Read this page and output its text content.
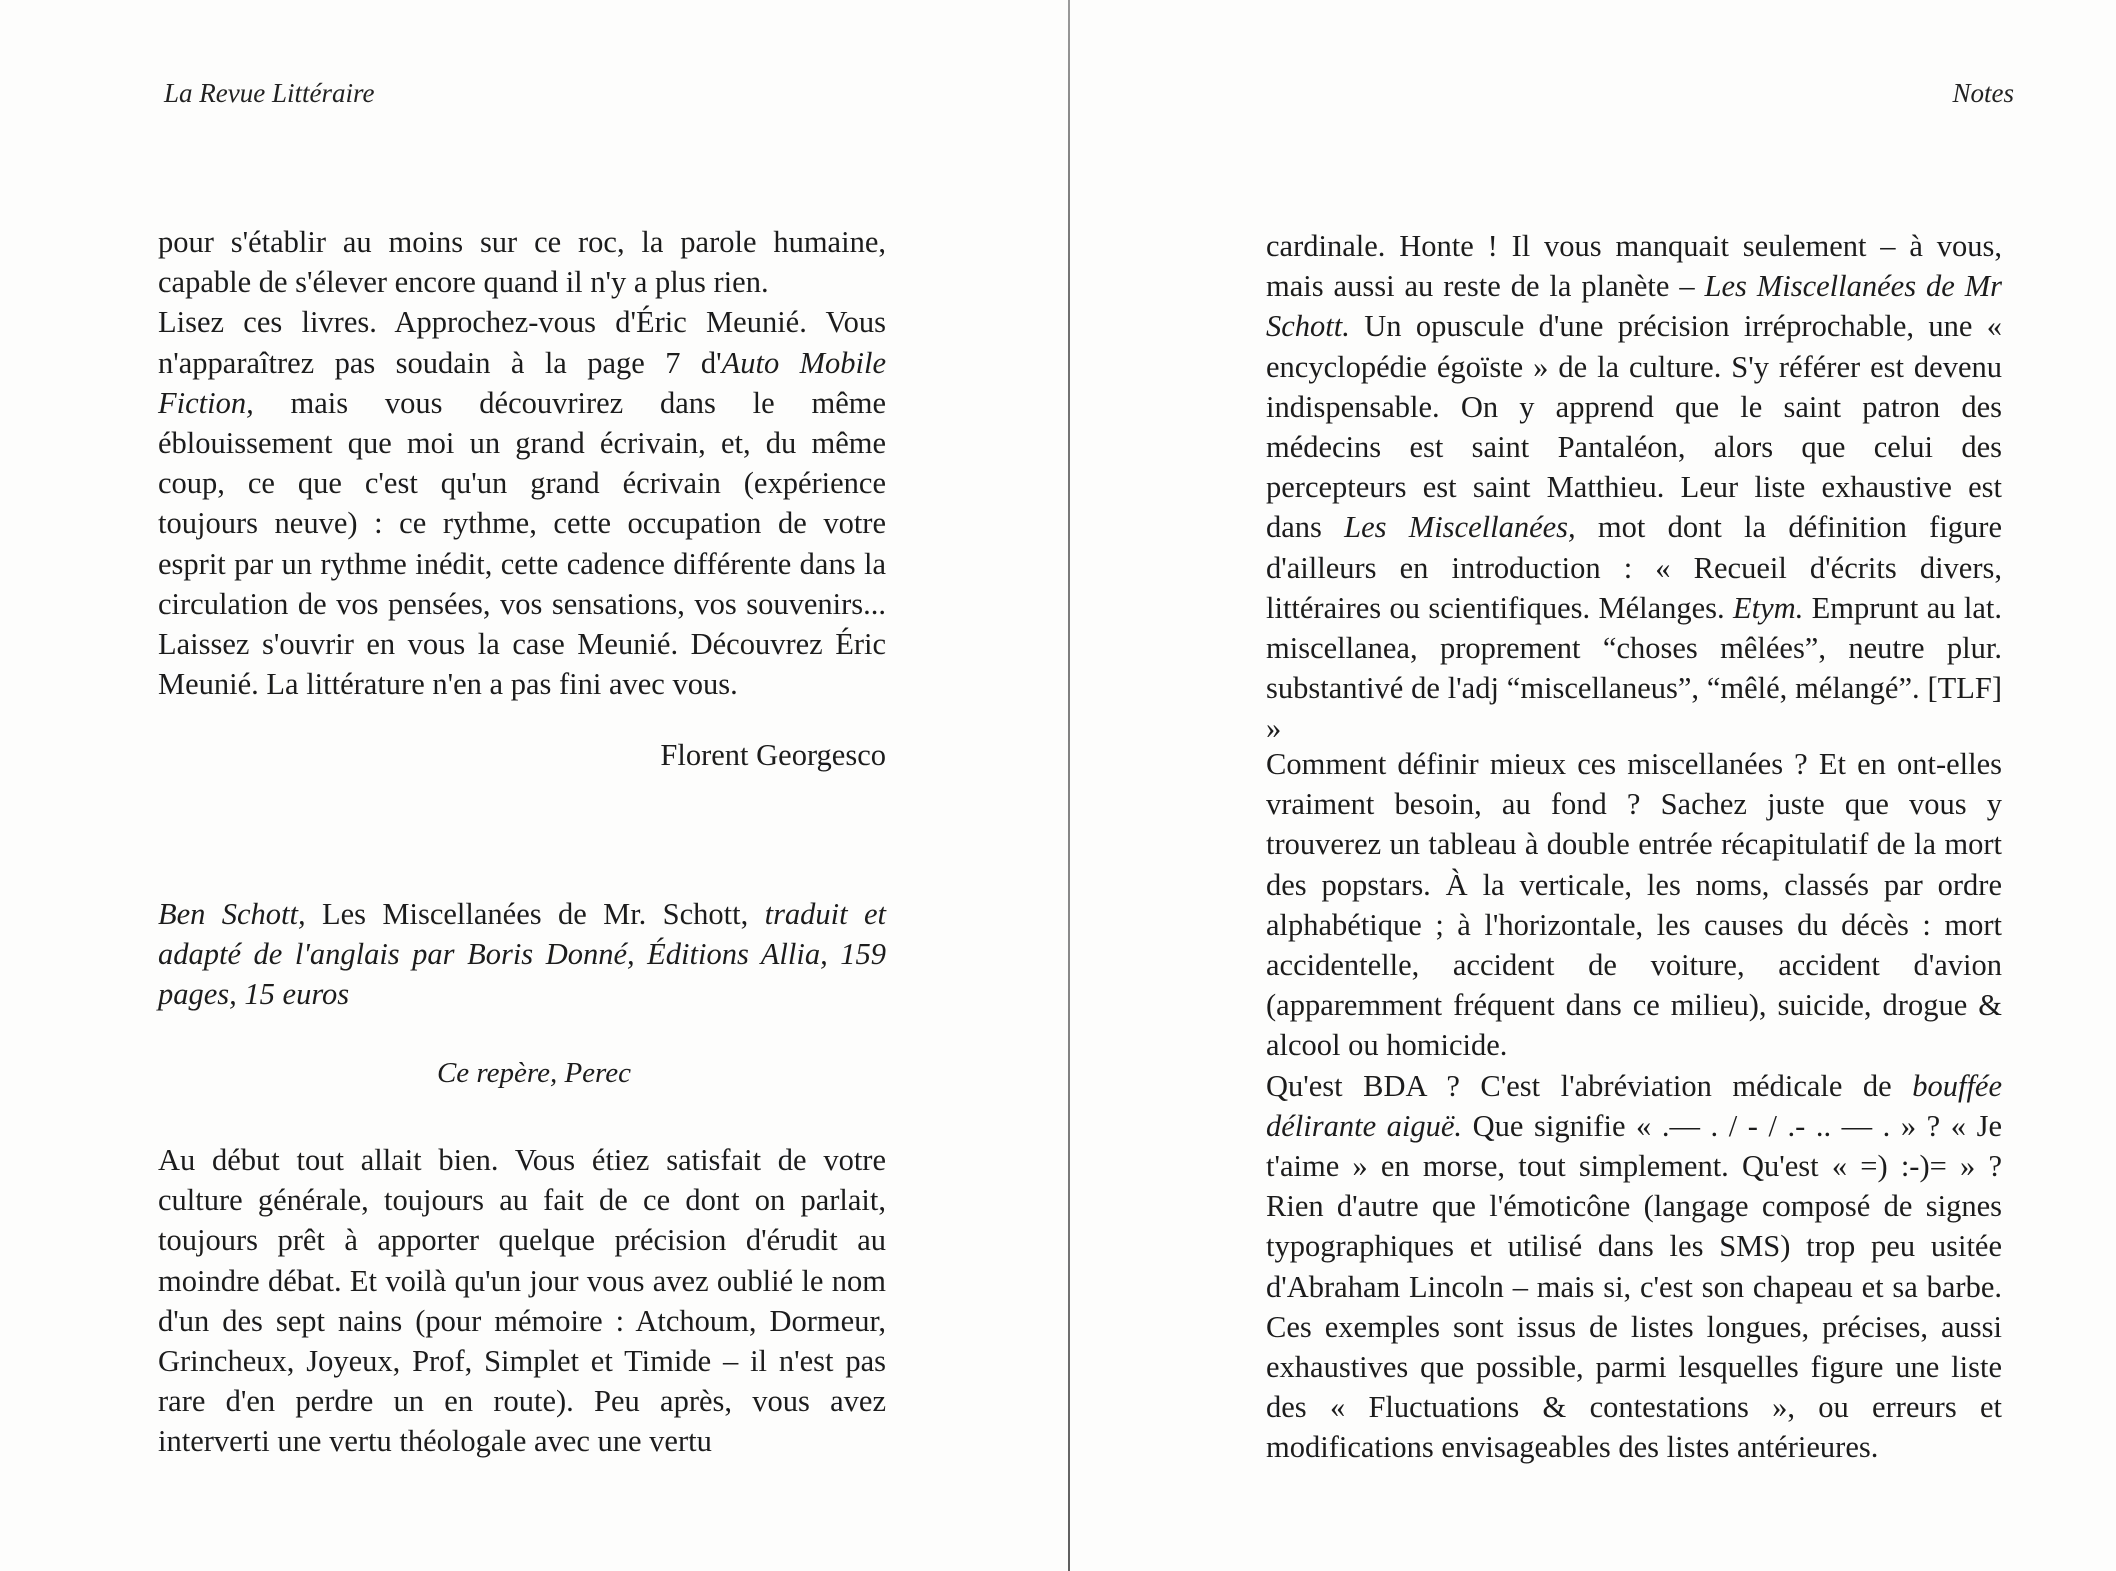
La Revue Littéraire

pour s'établir au moins sur ce roc, la parole humaine, capable de s'élever encore quand il n'y a plus rien.

Lisez ces livres. Approchez-vous d'Éric Meunié. Vous n'apparaîtrez pas soudain à la page 7 d'Auto Mobile Fiction, mais vous découvrirez dans le même éblouissement que moi un grand écrivain, et, du même coup, ce que c'est qu'un grand écrivain (expérience toujours neuve) : ce rythme, cette occupation de votre esprit par un rythme inédit, cette cadence différente dans la circulation de vos pensées, vos sensations, vos souvenirs... Laissez s'ouvrir en vous la case Meunié. Découvrez Éric Meunié. La littérature n'en a pas fini avec vous.

Florent Georgesco
Ben Schott, Les Miscellanées de Mr. Schott, traduit et adapté de l'anglais par Boris Donné, Éditions Allia, 159 pages, 15 euros
Ce repère, Perec

Au début tout allait bien. Vous étiez satisfait de votre culture générale, toujours au fait de ce dont on parlait, toujours prêt à apporter quelque précision d'érudit au moindre débat. Et voilà qu'un jour vous avez oublié le nom d'un des sept nains (pour mémoire : Atchoum, Dormeur, Grincheux, Joyeux, Prof, Simplet et Timide – il n'est pas rare d'en perdre un en route). Peu après, vous avez interverti une vertu théologale avec une vertu

Notes

cardinale. Honte ! Il vous manquait seulement – à vous, mais aussi au reste de la planète – Les Miscellanées de Mr Schott. Un opuscule d'une précision irréprochable, une « encyclopédie égoïste » de la culture. S'y référer est devenu indispensable. On y apprend que le saint patron des médecins est saint Pantaléon, alors que celui des percepteurs est saint Matthieu. Leur liste exhaustive est dans Les Miscellanées, mot dont la définition figure d'ailleurs en introduction : « Recueil d'écrits divers, littéraires ou scientifiques. Mélanges. Etym. Emprunt au lat. miscellanea, proprement “choses mêlées”, neutre plur. substantivé de l'adj “miscellaneus”, “mêlé, mélangé”. [TLF] »

Comment définir mieux ces miscellanées ? Et en ont-elles vraiment besoin, au fond ? Sachez juste que vous y trouverez un tableau à double entrée récapitulatif de la mort des popstars. À la verticale, les noms, classés par ordre alphabétique ; à l'horizontale, les causes du décès : mort accidentelle, accident de voiture, accident d'avion (apparemment fréquent dans ce milieu), suicide, drogue & alcool ou homicide.

Qu'est BDA ? C'est l'abréviation médicale de bouffée délirante aiguë. Que signifie « .— . / - / .- .. — . » ? « Je t'aime » en morse, tout simplement. Qu'est « =) :-)= » ? Rien d'autre que l'émoticône (langage composé de signes typographiques et utilisé dans les SMS) trop peu usitée d'Abraham Lincoln – mais si, c'est son chapeau et sa barbe. Ces exemples sont issus de listes longues, précises, aussi exhaustives que possible, parmi lesquelles figure une liste des « Fluctuations & contestations », ou erreurs et modifications envisageables des listes antérieures.
